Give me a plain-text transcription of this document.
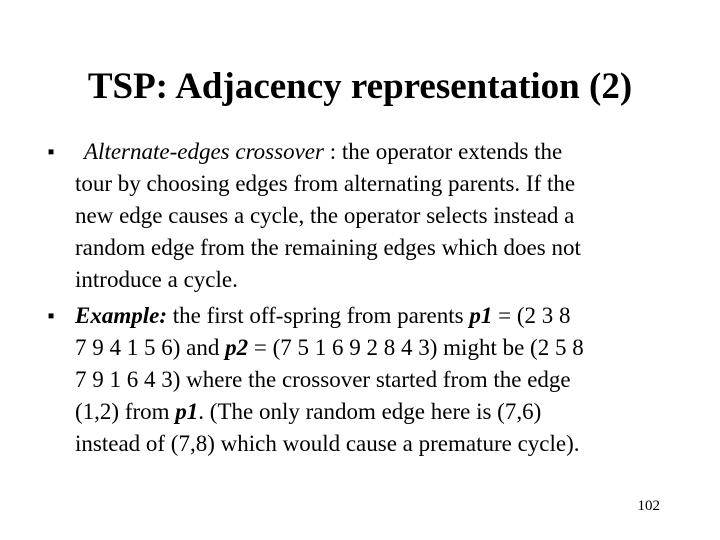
TSP: Adjacency representation (2)
▪	Alternate-edges crossover : the operator extends the
tour by choosing edges from alternating parents. If the
new edge causes a cycle, the operator selects instead a
random edge from the remaining edges which does not
introduce a cycle.
▪ Example: the first off-spring from parents p1 = (2 3 8
7 9 4 1 5 6) and p2 = (7 5 1 6 9 2 8 4 3) might be (2 5 8
7 9 1 6 4 3) where the crossover started from the edge
(1,2) from p1. (The only random edge here is (7,6)
instead of (7,8) which would cause a premature cycle).
102
